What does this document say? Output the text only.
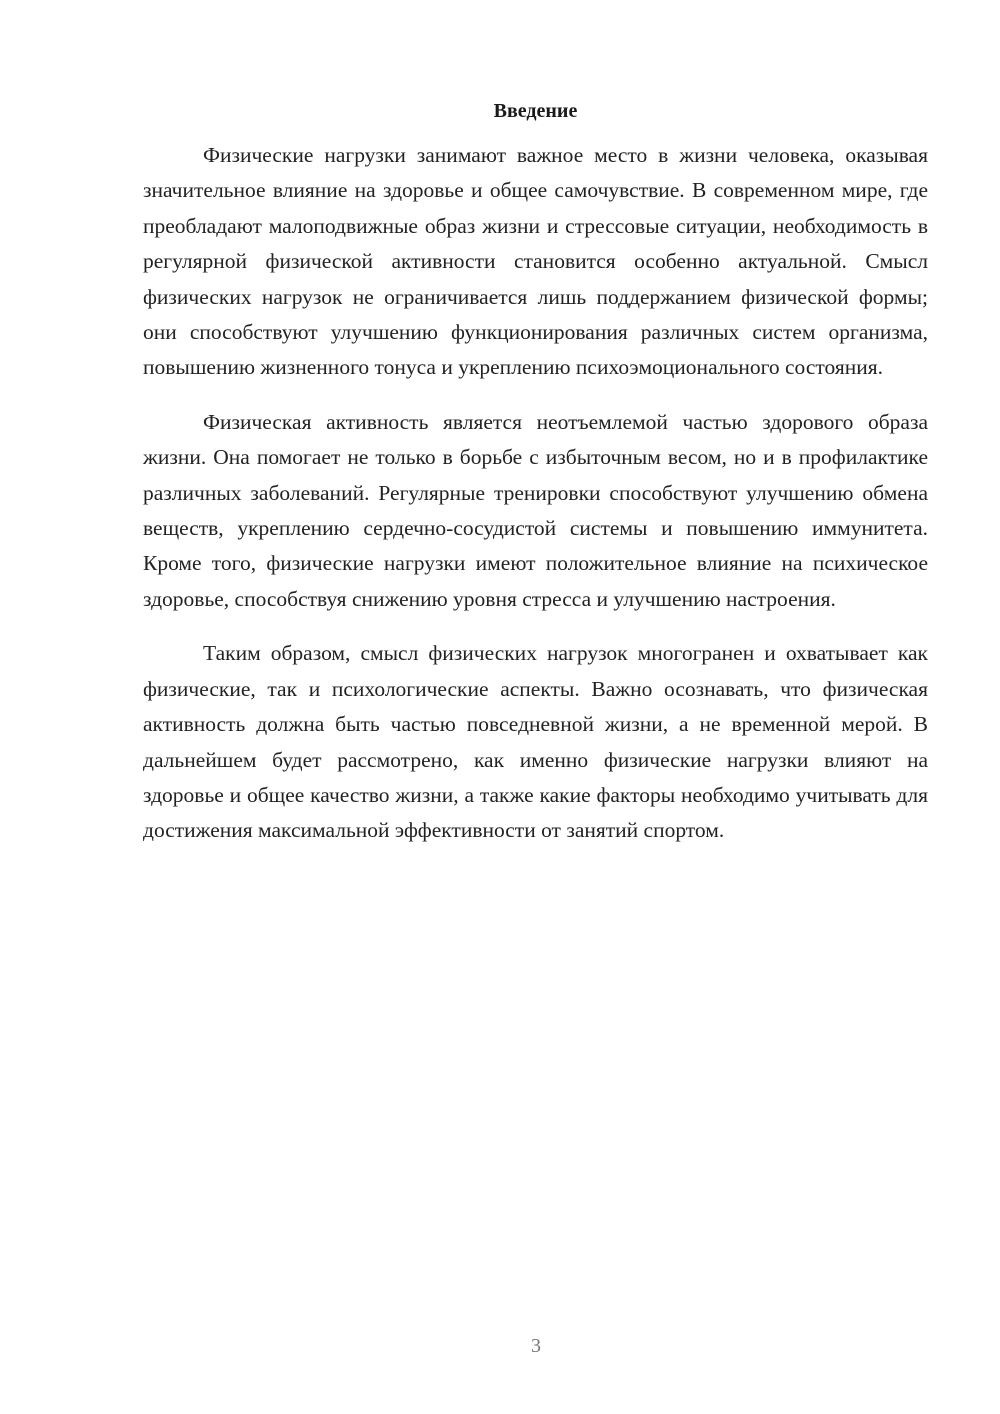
Введение

Физические нагрузки занимают важное место в жизни человека, оказывая значительное влияние на здоровье и общее самочувствие. В современном мире, где преобладают малоподвижные образ жизни и стрессовые ситуации, необходимость в регулярной физической активности становится особенно актуальной. Смысл физических нагрузок не ограничивается лишь поддержанием физической формы; они способствуют улучшению функционирования различных систем организма, повышению жизненного тонуса и укреплению психоэмоционального состояния.

Физическая активность является неотъемлемой частью здорового образа жизни. Она помогает не только в борьбе с избыточным весом, но и в профилактике различных заболеваний. Регулярные тренировки способствуют улучшению обмена веществ, укреплению сердечно-сосудистой системы и повышению иммунитета. Кроме того, физические нагрузки имеют положительное влияние на психическое здоровье, способствуя снижению уровня стресса и улучшению настроения.

Таким образом, смысл физических нагрузок многогранен и охватывает как физические, так и психологические аспекты. Важно осознавать, что физическая активность должна быть частью повседневной жизни, а не временной мерой. В дальнейшем будет рассмотрено, как именно физические нагрузки влияют на здоровье и общее качество жизни, а также какие факторы необходимо учитывать для достижения максимальной эффективности от занятий спортом.

3
